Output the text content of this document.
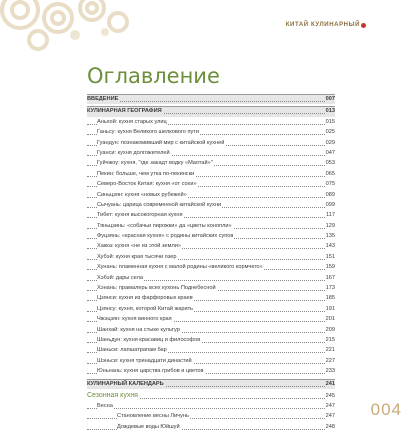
КИТАЙ КУЛИНАРНЫЙ
Оглавление
ВВЕДЕНИЕ	007
КУЛИНАРНАЯ ГЕОГРАФИЯ	013
Аньхой: кухня старых улиц	015
Ганьсу: кухня Великого шелкового пути	025
Гуандун: познакомивший мир с китайской кухней	029
Гуанси: кухня долгожителей	047
Гуйчжоу: кухня, "где закадт водку «Маотай»"	053
Пекин: больше, чем утка по-пекински	065
Северо-Восток Китая: кухня «от сохи»	075
Синьцзян: кухня «новых рубежей»	089
Сычуань: царица современной китайской кухни	099
Тибет: кухня высокогорная кухня	117
Тяньцзинь: «собачьи пирожки» да «цветы конопли»	129
Фуцзянь: «красная кухня» с родины китайских супов	135
Хакка: кухня «не из этой земли»	143
Хубэй: кухня края тысячи озер	151
Хунань: пламенная кухня с малой родины «великого кормчего»	159
Хэбэй: дары села	167
Хэнань: прамалерь всех кухонь Поднебесной	173
Цзянси: кухня из фарфоровых краев	185
Цзянсу: кухня, которой Китай жарить	191
Чжэцзян: кухня винного края	201
Шанхай: кухня на стыке культур	209
Шаньдун: кухня красавиц и философов	215
Шаньси: лапшатрапам бар	221
Шэньси: кухня тринадцати династий	227
Юньнань: кухня царства грибов и цветов	233
КУЛИНАРНЫЙ КАЛЕНДАРЬ	241
Сезонная кухня	245
Весна	247
Становление весны Личунь	247
Дождевые воды Юйшуй	248
004
